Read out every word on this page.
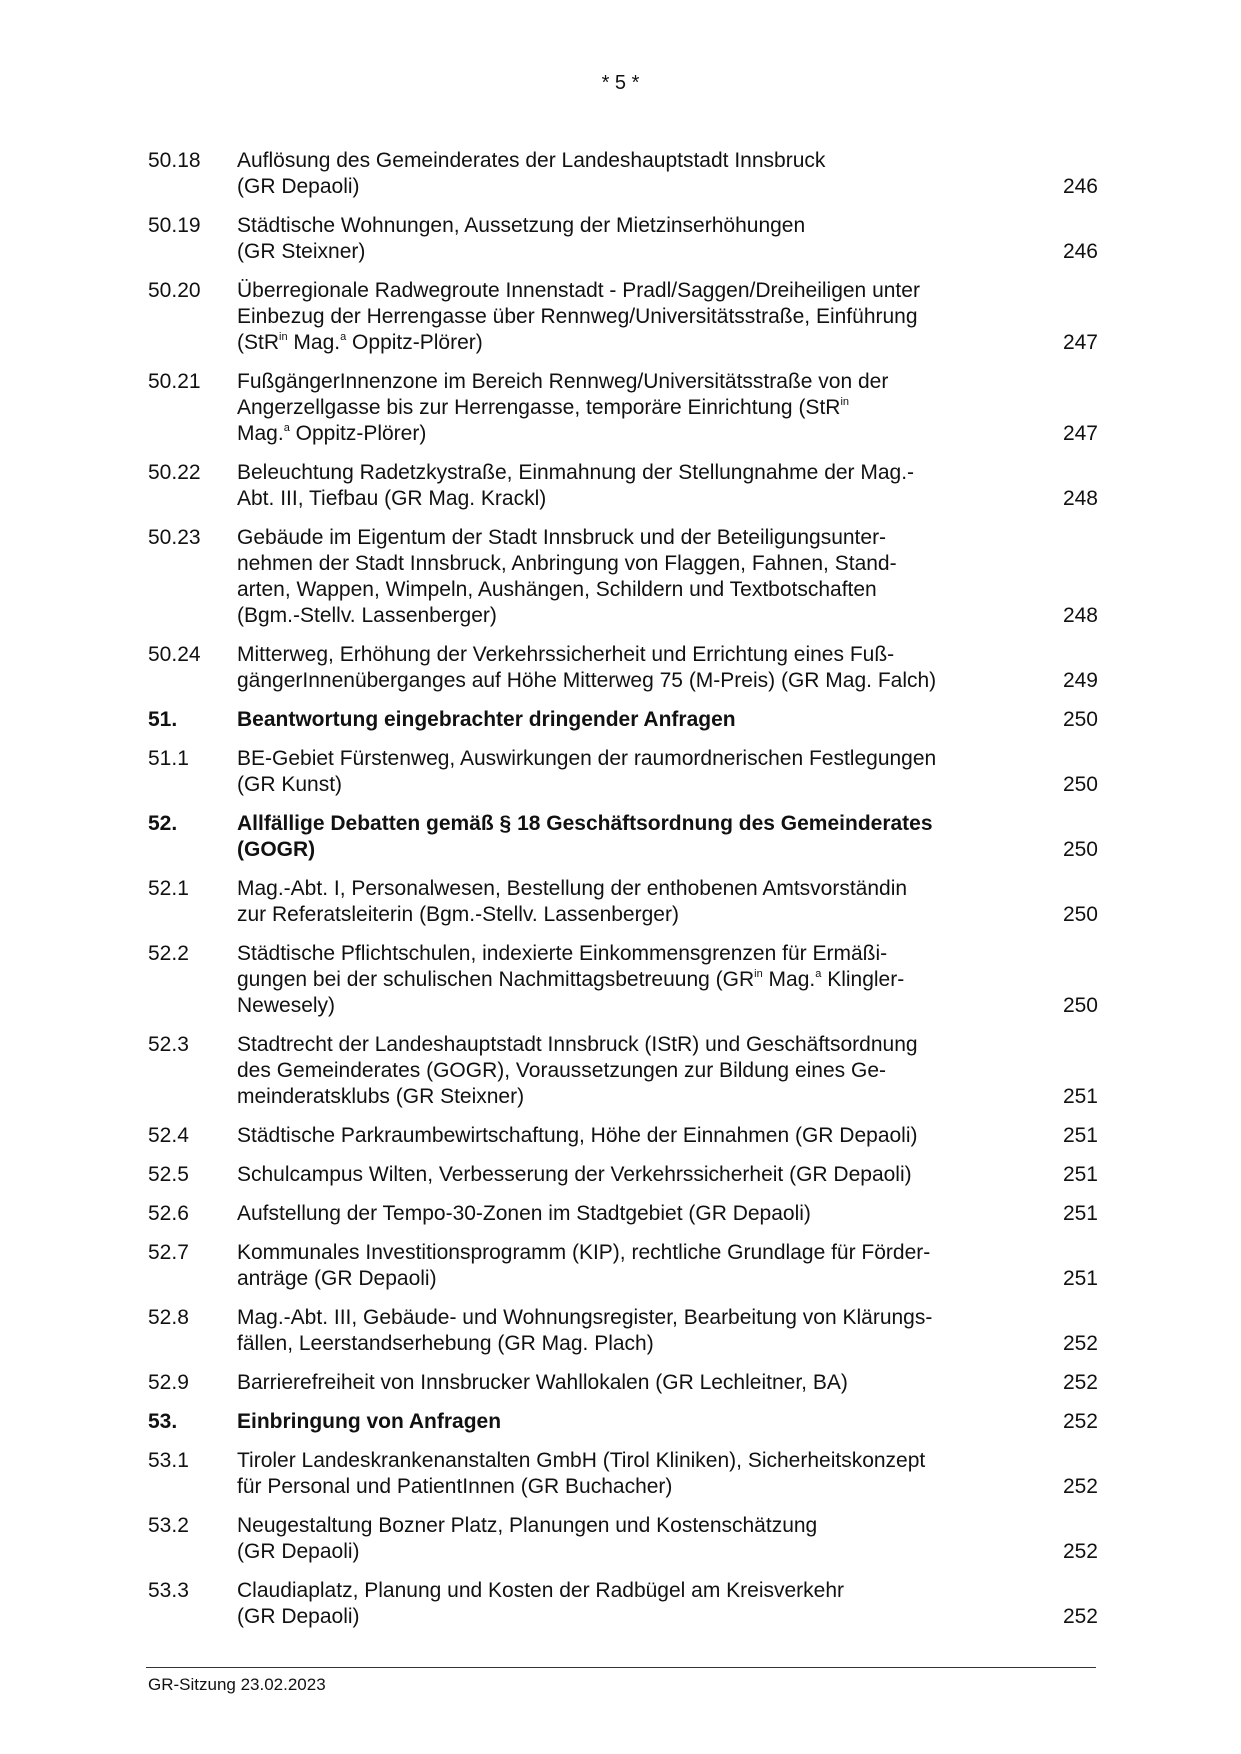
* 5 *
50.18 Auflösung des Gemeinderates der Landeshauptstadt Innsbruck
(GR Depaoli)	246
50.19 Städtische Wohnungen, Aussetzung der Mietzinserhöhungen
(GR Steixner)	246
50.20 Überregionale Radwegroute Innenstadt - Pradl/Saggen/Dreiheiligen unter
Einbezug der Herrengasse über Rennweg/Universitätsstraße, Einführung
(StR$^{in}$ Mag.$^a$ Oppitz-Plörer)	247
50.21 FußgängerInnenzone im Bereich Rennweg/Universitätsstraße von der
Angerzellgasse bis zur Herrengasse, temporäre Einrichtung (StR$^{in}$
Mag.$^a$ Oppitz-Plörer)	247
50.22 Beleuchtung Radetzkystraße, Einmahnung der Stellungnahme der Mag.-
Abt. III, Tiefbau (GR Mag. Krackl)	248
50.23 Gebäude im Eigentum der Stadt Innsbruck und der Beteiligungsunter-
nehmen der Stadt Innsbruck, Anbringung von Flaggen, Fahnen, Stand-
arten, Wappen, Wimpeln, Aushängen, Schildern und Textbotschaften
(Bgm.-Stellv. Lassenberger)	248
50.24 Mitterweg, Erhöhung der Verkehrssicherheit und Errichtung eines Fuß-
gängerInnenüberganges auf Höhe Mitterweg 75 (M-Preis) (GR Mag. Falch)	249
51.	Beantwortung eingebrachter dringender Anfragen	250
51.1 BE-Gebiet Fürstenweg, Auswirkungen der raumordnerischen Festlegungen
(GR Kunst)	250
52.	Allfällige Debatten gemäß § 18 Geschäftsordnung des Gemeinderates
(GOGR)	250
52.1 Mag.-Abt. I, Personalwesen, Bestellung der enthobenen Amtsvorständin
zur Referatsleiterin (Bgm.-Stellv. Lassenberger)	250
52.2 Städtische Pflichtschulen, indexierte Einkommensgrenzen für Ermäßi-
gungen bei der schulischen Nachmittagsbetreuung ($GR^{in}$ Mag.$^a$ Klingler-
Newesely)	250
52.3 Stadtrecht der Landeshauptstadt Innsbruck (IStR) und Geschäftsordnung
des Gemeinderates (GOGR), Voraussetzungen zur Bildung eines Ge-
meinderatsklubs (GR Steixner)	251
52.4 Städtische Parkraumbewirtschaftung, Höhe der Einnahmen (GR Depaoli)	251
52.5 Schulcampus Wilten, Verbesserung der Verkehrssicherheit (GR Depaoli)	251
52.6 Aufstellung der Tempo-30-Zonen im Stadtgebiet (GR Depaoli)	251
52.7 Kommunales Investitionsprogramm (KIP), rechtliche Grundlage für Förder-
anträge (GR Depaoli)	251
52.8 Mag.-Abt. III, Gebäude- und Wohnungsregister, Bearbeitung von Klärungs-
fällen, Leerstandserhebung (GR Mag. Plach)	252
52.9 Barrierefreiheit von Innsbrucker Wahllokalen (GR Lechleitner, BA)	252
53.	Einbringung von Anfragen	252
53.1 Tiroler Landeskrankenanstalten GmbH (Tirol Kliniken), Sicherheitskonzept
für Personal und PatientInnen (GR Buchacher)	252
53.2 Neugestaltung Bozner Platz, Planungen und Kostenschätzung
(GR Depaoli)	252
53.3 Claudiaplatz, Planung und Kosten der Radbügel am Kreisverkehr
(GR Depaoli)	252
GR-Sitzung 23.02.2023
